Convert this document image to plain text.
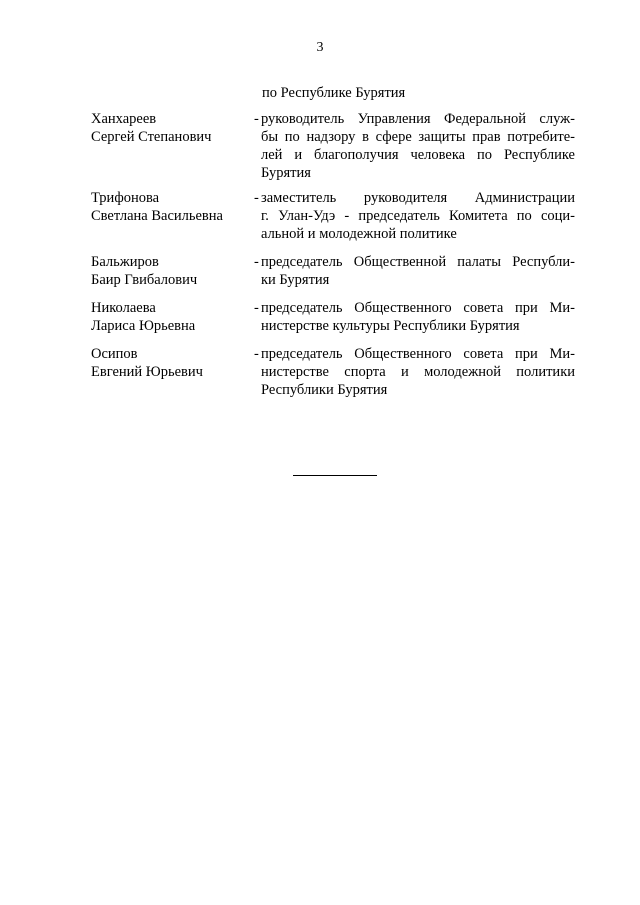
3
по Республике Бурятия
Ханхареев
Сергей Степанович
- руководитель Управления Федеральной служ-
бы по надзору в сфере защиты прав потребите-
лей и благополучия человека по Республике
Бурятия
Трифонова
Светлана Васильевна
- заместитель руководителя Администрации
г. Улан-Удэ - председатель Комитета по соци-
альной и молодежной политике
Бальжиров
Баир Гвибалович
- председатель Общественной палаты Республи-
ки Бурятия
Николаева
Лариса Юрьевна
- председатель Общественного совета при Ми-
нистерстве культуры Республики Бурятия
Осипов
Евгений Юрьевич
- председатель Общественного совета при Ми-
нистерстве спорта и молодежной политики
Республики Бурятия
